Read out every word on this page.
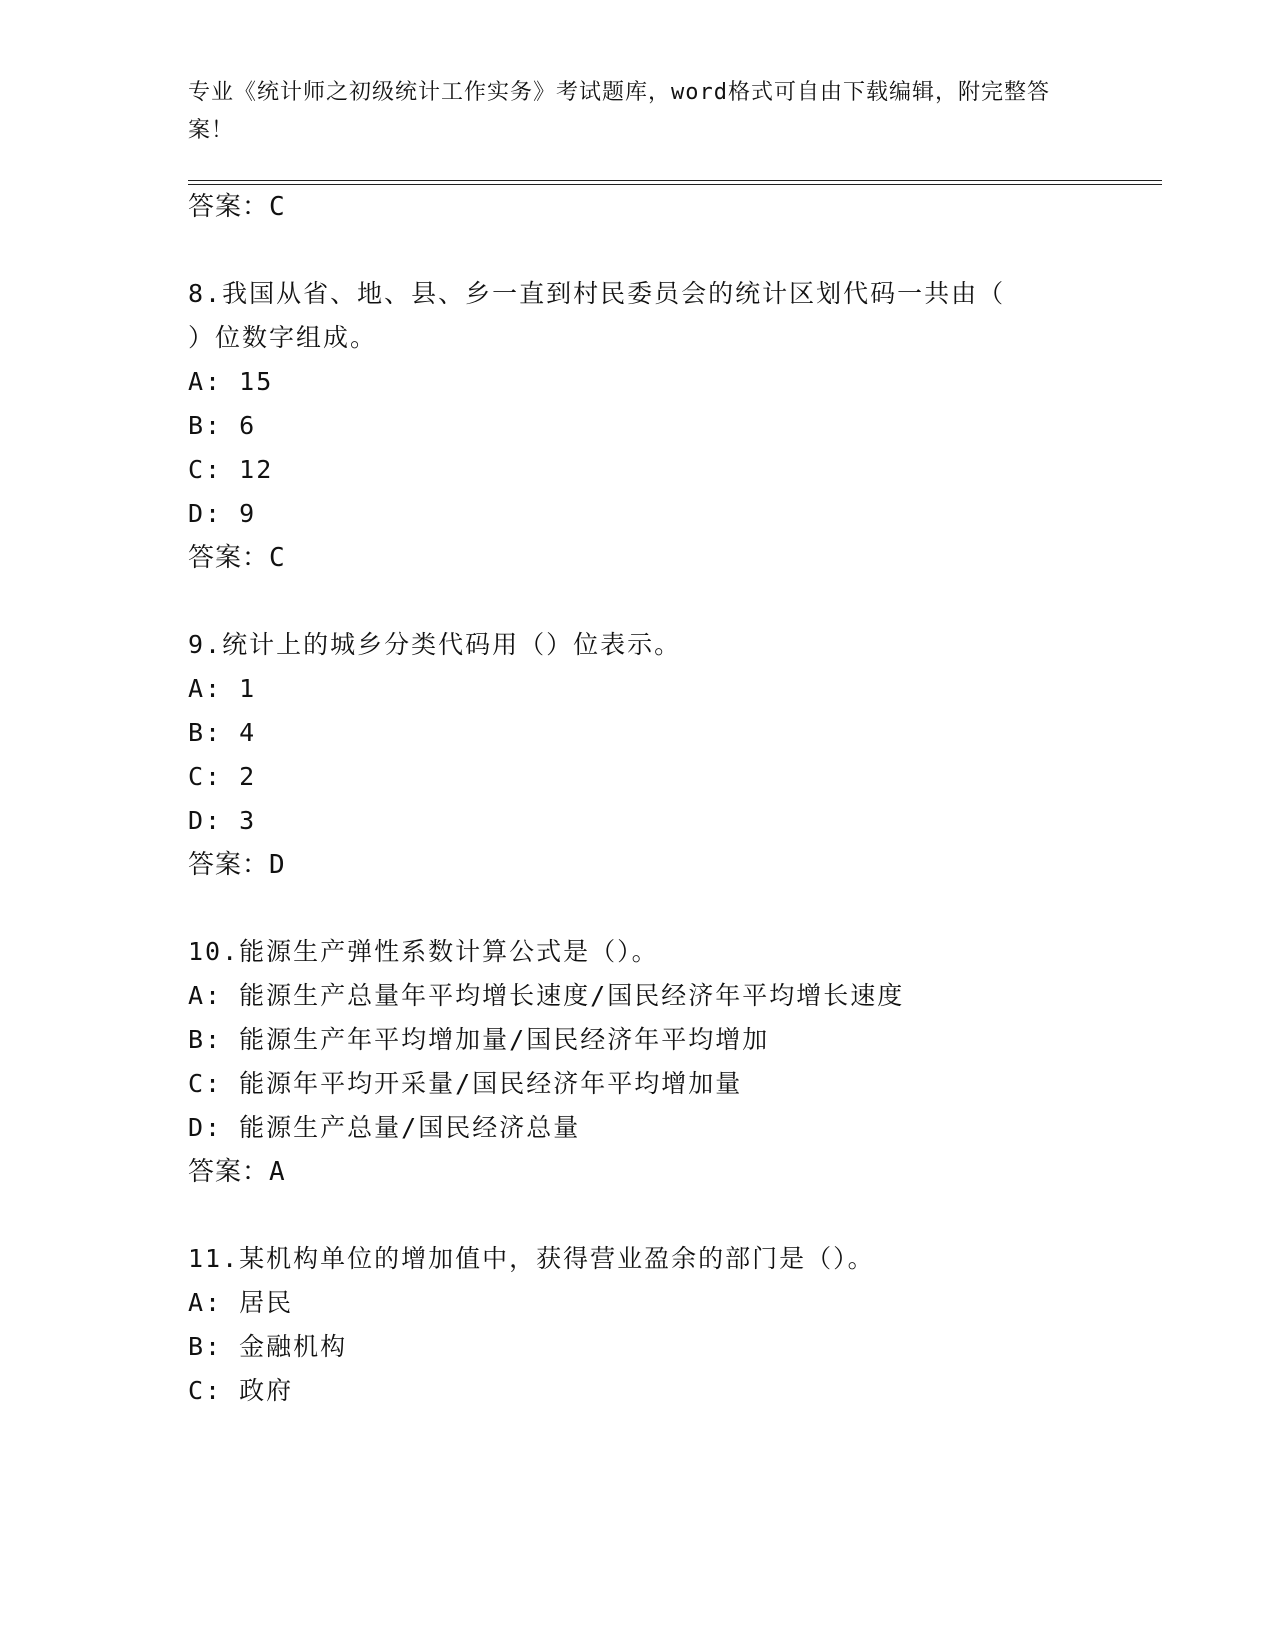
专业《统计师之初级统计工作实务》考试题库，word格式可自由下载编辑，附完整答案！

答案：C
8.我国从省、地、县、乡一直到村民委员会的统计区划代码一共由（
）位数字组成。
A: 15
B: 6
C: 12
D: 9
答案：C
9.统计上的城乡分类代码用（）位表示。
A: 1
B: 4
C: 2
D: 3
答案：D
10.能源生产弹性系数计算公式是（）。
A: 能源生产总量年平均增长速度/国民经济年平均增长速度
B: 能源生产年平均增加量/国民经济年平均增加
C: 能源年平均开采量/国民经济年平均增加量
D: 能源生产总量/国民经济总量
答案：A
11.某机构单位的增加值中，获得营业盈余的部门是（）。
A: 居民
B: 金融机构
C: 政府
